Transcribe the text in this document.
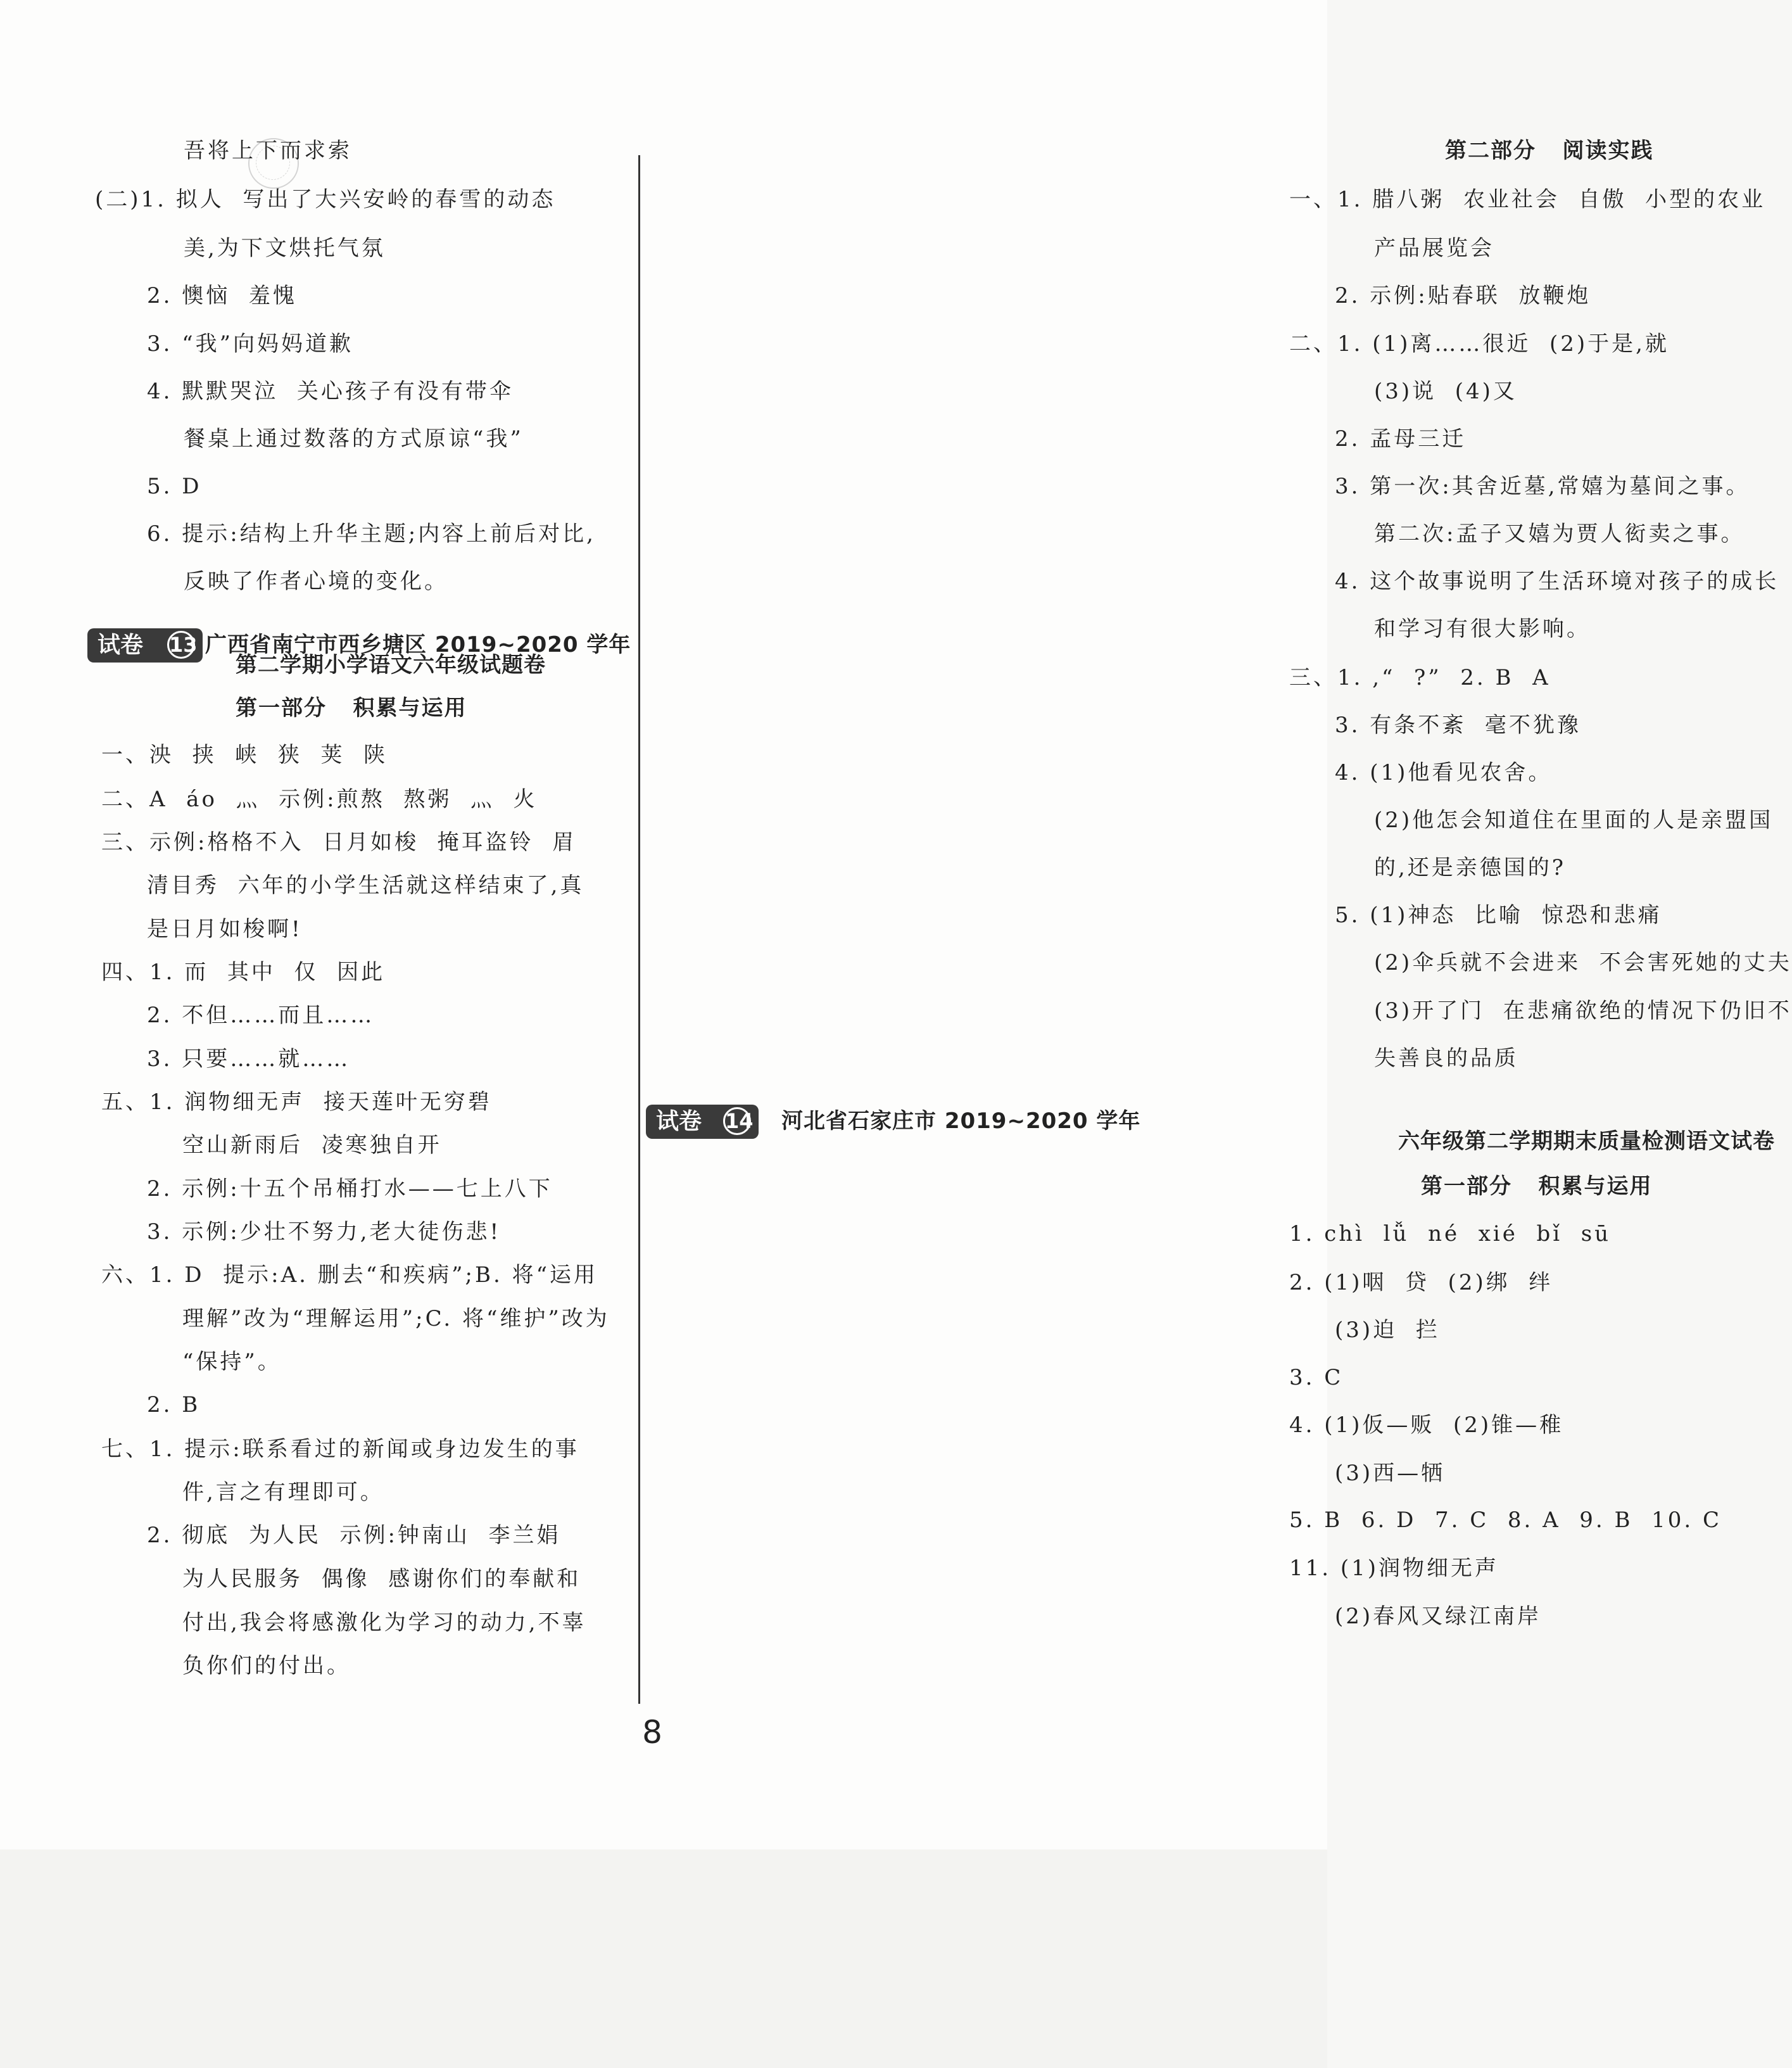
吾将上下而求索
(二)1. 拟人  写出了大兴安岭的春雪的动态
美,为下文烘托气氛
2. 懊恼  羞愧
3. “我”向妈妈道歉
4. 默默哭泣  关心孩子有没有带伞
餐桌上通过数落的方式原谅“我”
5. D
6. 提示:结构上升华主题;内容上前后对比,
反映了作者心境的变化。
第二学期小学语文六年级试题卷
第一部分   积累与运用
一、泱  挟  峡  狭  荚  陕
二、A  áo  灬  示例:煎熬  熬粥  灬  火
三、示例:格格不入  日月如梭  掩耳盗铃  眉
清目秀  六年的小学生活就这样结束了,真
是日月如梭啊!
四、1. 而  其中  仅  因此
2. 不但……而且……
3. 只要……就……
五、1. 润物细无声  接天莲叶无穷碧
空山新雨后  凌寒独自开
2. 示例:十五个吊桶打水——七上八下
3. 示例:少壮不努力,老大徒伤悲!
六、1. D  提示:A. 删去“和疾病”;B. 将“运用
理解”改为“理解运用”;C. 将“维护”改为
“保持”。
2. B
七、1. 提示:联系看过的新闻或身边发生的事
件,言之有理即可。
2. 彻底  为人民  示例:钟南山  李兰娟
为人民服务  偶像  感谢你们的奉献和
付出,我会将感激化为学习的动力,不辜
负你们的付出。
第二部分   阅读实践
一、1. 腊八粥  农业社会  自傲  小型的农业
产品展览会
2. 示例:贴春联  放鞭炮
二、1. (1)离……很近  (2)于是,就
(3)说  (4)又
2. 孟母三迁
3. 第一次:其舍近墓,常嬉为墓间之事。
第二次:孟子又嬉为贾人衒卖之事。
4. 这个故事说明了生活环境对孩子的成长
和学习有很大影响。
三、1. ,“  ?”  2. B  A
3. 有条不紊  毫不犹豫
4. (1)他看见农舍。
(2)他怎会知道住在里面的人是亲盟国
的,还是亲德国的?
5. (1)神态  比喻  惊恐和悲痛
(2)伞兵就不会进来  不会害死她的丈夫
(3)开了门  在悲痛欲绝的情况下仍旧不
失善良的品质
六年级第二学期期末质量检测语文试卷
第一部分   积累与运用
1. chì  lǚ  né  xié  bǐ  sū
2. (1)咽  贷  (2)绑  绊
(3)迫  拦
3. C
4. (1)仮—贩  (2)锥—稚
(3)西—牺
5. B  6. D  7. C  8. A  9. B  10. C
11. (1)润物细无声
(2)春风又绿江南岸
试卷 13 广西省南宁市西乡塘区 2019~2020 学年
试卷 14 河北省石家庄市 2019~2020 学年
8
